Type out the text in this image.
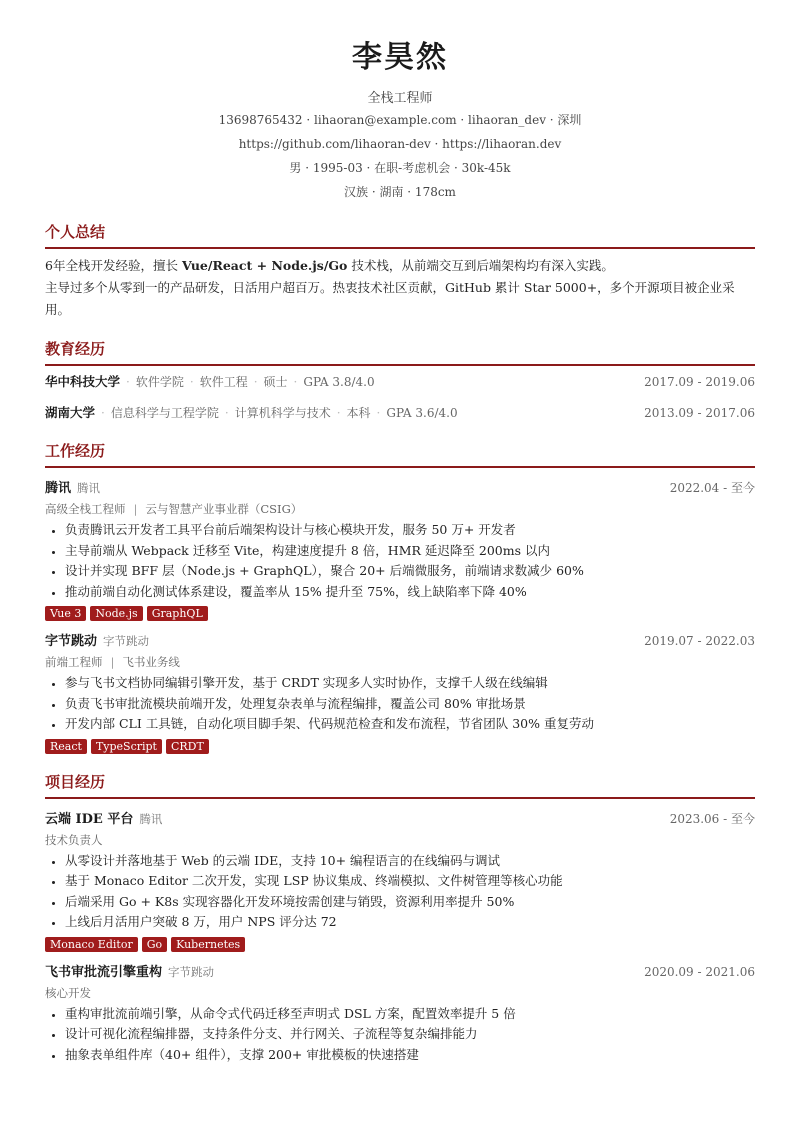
李昊然
全栈工程师
13698765432 · lihaoran@example.com · lihaoran_dev · 深圳
https://github.com/lihaoran-dev · https://lihaoran.dev
男 · 1995-03 · 在职-考虑机会 · 30k-45k
汉族 · 湖南 · 178cm
个人总结

6年全栈开发经验，擅长 Vue/React + Node.js/Go 技术栈，从前端交互到后端架构均有深入实践。

主导过多个从零到一的产品研发，日活用户超百万。热衷技术社区贡献，GitHub 累计 Star 5000+，多个开源项目被企业采用。

教育经历
华中科技大学 · 软件学院 · 软件工程 · 硕士 · GPA 3.8/4.0	2017.09 - 2019.06
湖南大学 · 信息科学与工程学院 · 计算机科学与技术 · 本科 · GPA 3.6/4.0	2013.09 - 2017.06
工作经历
腾讯 腾讯	2022.04 - 至今
高级全栈工程师 | 云与智慧产业事业群（CSIG）
• 负责腾讯云开发者工具平台前后端架构设计与核心模块开发，服务 50 万+ 开发者
• 主导前端从 Webpack 迁移至 Vite，构建速度提升 8 倍，HMR 延迟降至 200ms 以内
• 设计并实现 BFF 层（Node.js + GraphQL），聚合 20+ 后端微服务，前端请求数减少 60%
• 推动前端自动化测试体系建设，覆盖率从 15% 提升至 75%，线上缺陷率下降 40%
Vue 3	Node.js	GraphQL
字节跳动 字节跳动	2019.07 - 2022.03
前端工程师 | 飞书业务线
• 参与飞书文档协同编辑引擎开发，基于 CRDT 实现多人实时协作，支撑千人级在线编辑
• 负责飞书审批流模块前端开发，处理复杂表单与流程编排，覆盖公司 80% 审批场景
• 开发内部 CLI 工具链，自动化项目脚手架、代码规范检查和发布流程，节省团队 30% 重复劳动
React	TypeScript	CRDT
项目经历
云端 IDE 平台 腾讯	2023.06 - 至今
技术负责人
• 从零设计并落地基于 Web 的云端 IDE，支持 10+ 编程语言的在线编码与调试
• 基于 Monaco Editor 二次开发，实现 LSP 协议集成、终端模拟、文件树管理等核心功能
• 后端采用 Go + K8s 实现容器化开发环境按需创建与销毁，资源利用率提升 50%
• 上线后月活用户突破 8 万，用户 NPS 评分达 72
Monaco Editor	Go	Kubernetes
飞书审批流引擎重构 字节跳动	2020.09 - 2021.06
核心开发
• 重构审批流前端引擎，从命令式代码迁移至声明式 DSL 方案，配置效率提升 5 倍
• 设计可视化流程编排器，支持条件分支、并行网关、子流程等复杂编排能力
• 抽象表单组件库（40+ 组件），支撑 200+ 审批模板的快速搭建
